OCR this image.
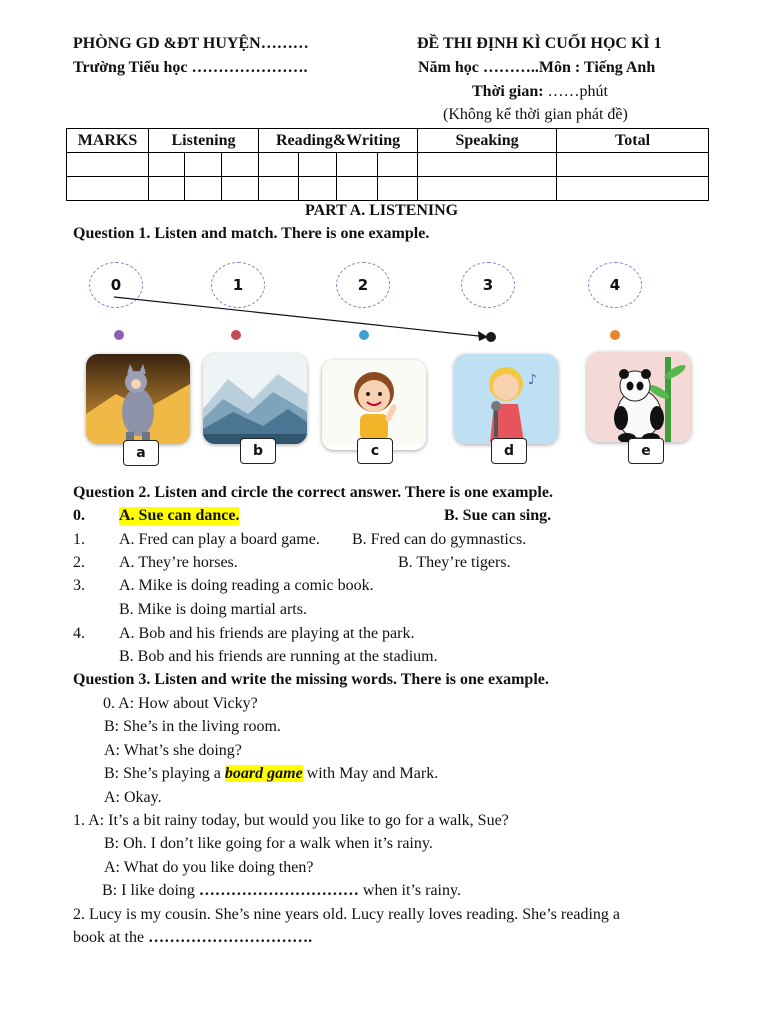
PHÒNG GD &ĐT HUYỆN………
Trường Tiểu học ………………….
ĐỀ THI ĐỊNH KÌ CUỐI HỌC KÌ 1
Năm học ………..Môn : Tiếng Anh
Thời gian: ……phút
(Không kể thời gian phát đề)
MARKS	Listening			Reading&Writing				Speaking	Total

PART A. LISTENING
Question 1. Listen and match. There is one example.
0	1	2	3	4
♪
a	b	c	d	e
Question 2. Listen and circle the correct answer. There is one example.
0. A. Sue can dance.	B. Sue can sing.
1. A. Fred can play a board game. B. Fred can do gymnastics.
2. A. They’re horses.	B. They’re tigers.
3. A. Mike is doing reading a comic book.
B. Mike is doing martial arts.
4. A. Bob and his friends are playing at the park.
B. Bob and his friends are running at the stadium.
Question 3. Listen and write the missing words. There is one example.
0. A: How about Vicky?
B: She’s in the living room.
A: What’s she doing?
B: She’s playing a board game with May and Mark.
A: Okay.
1. A: It’s a bit rainy today, but would you like to go for a walk, Sue?
B: Oh. I don’t like going for a walk when it’s rainy.
A: What do you like doing then?
B: I like doing ………………………… when it’s rainy.
2. Lucy is my cousin. She’s nine years old. Lucy really loves reading. She’s reading a
book at the ………………………….
